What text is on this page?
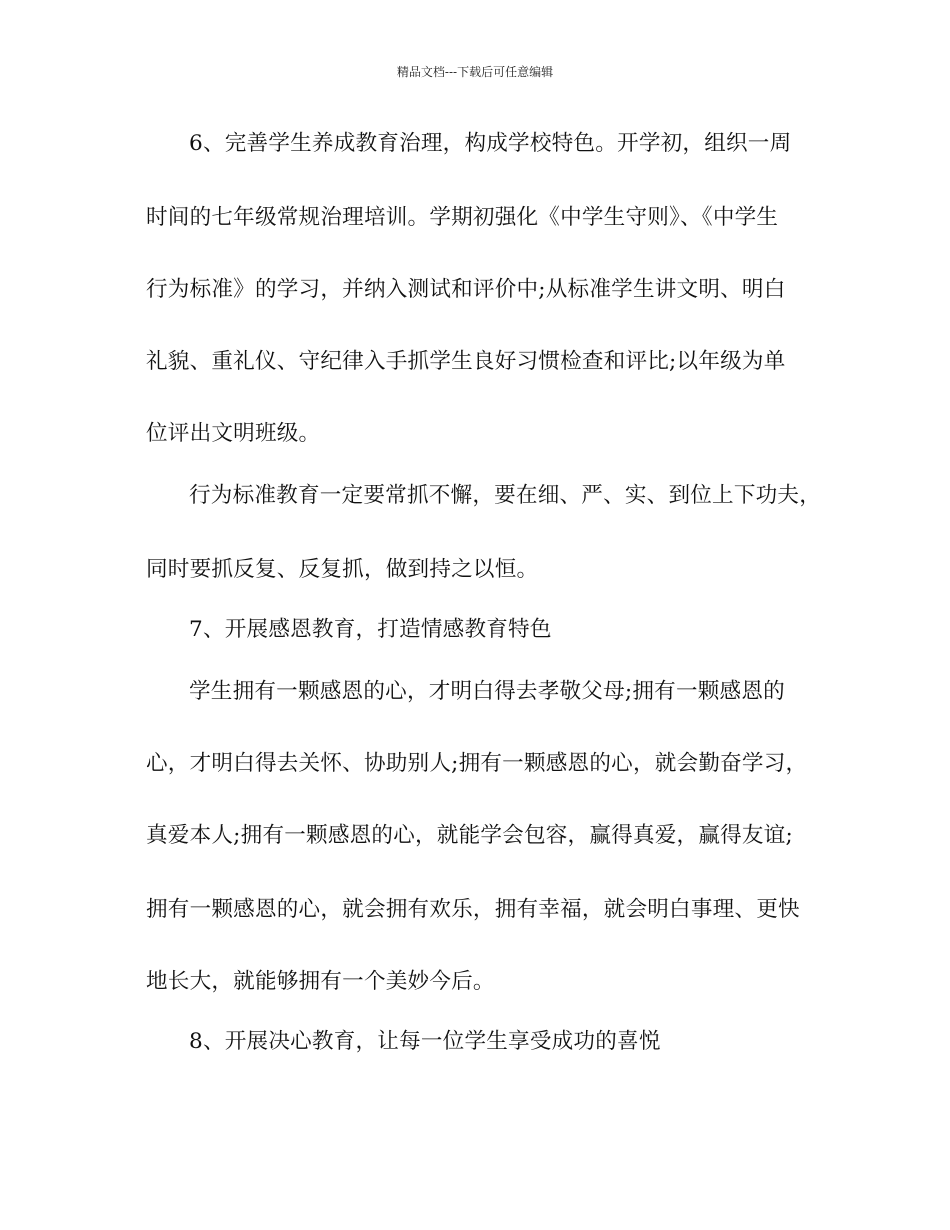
精品文档---下载后可任意编辑
6、完善学生养成教育治理，构成学校特色。开学初，组织一周
时间的七年级常规治理培训。学期初强化《中学生守则》、《中学生
行为标准》的学习，并纳入测试和评价中;从标准学生讲文明、明白
礼貌、重礼仪、守纪律入手抓学生良好习惯检查和评比;以年级为单
位评出文明班级。
行为标准教育一定要常抓不懈，要在细、严、实、到位上下功夫，
同时要抓反复、反复抓，做到持之以恒。
7、开展感恩教育，打造情感教育特色
学生拥有一颗感恩的心，才明白得去孝敬父母;拥有一颗感恩的
心，才明白得去关怀、协助别人;拥有一颗感恩的心，就会勤奋学习，
真爱本人;拥有一颗感恩的心，就能学会包容，赢得真爱，赢得友谊;
拥有一颗感恩的心，就会拥有欢乐，拥有幸福，就会明白事理、更快
地长大，就能够拥有一个美妙今后。
8、开展决心教育，让每一位学生享受成功的喜悦
